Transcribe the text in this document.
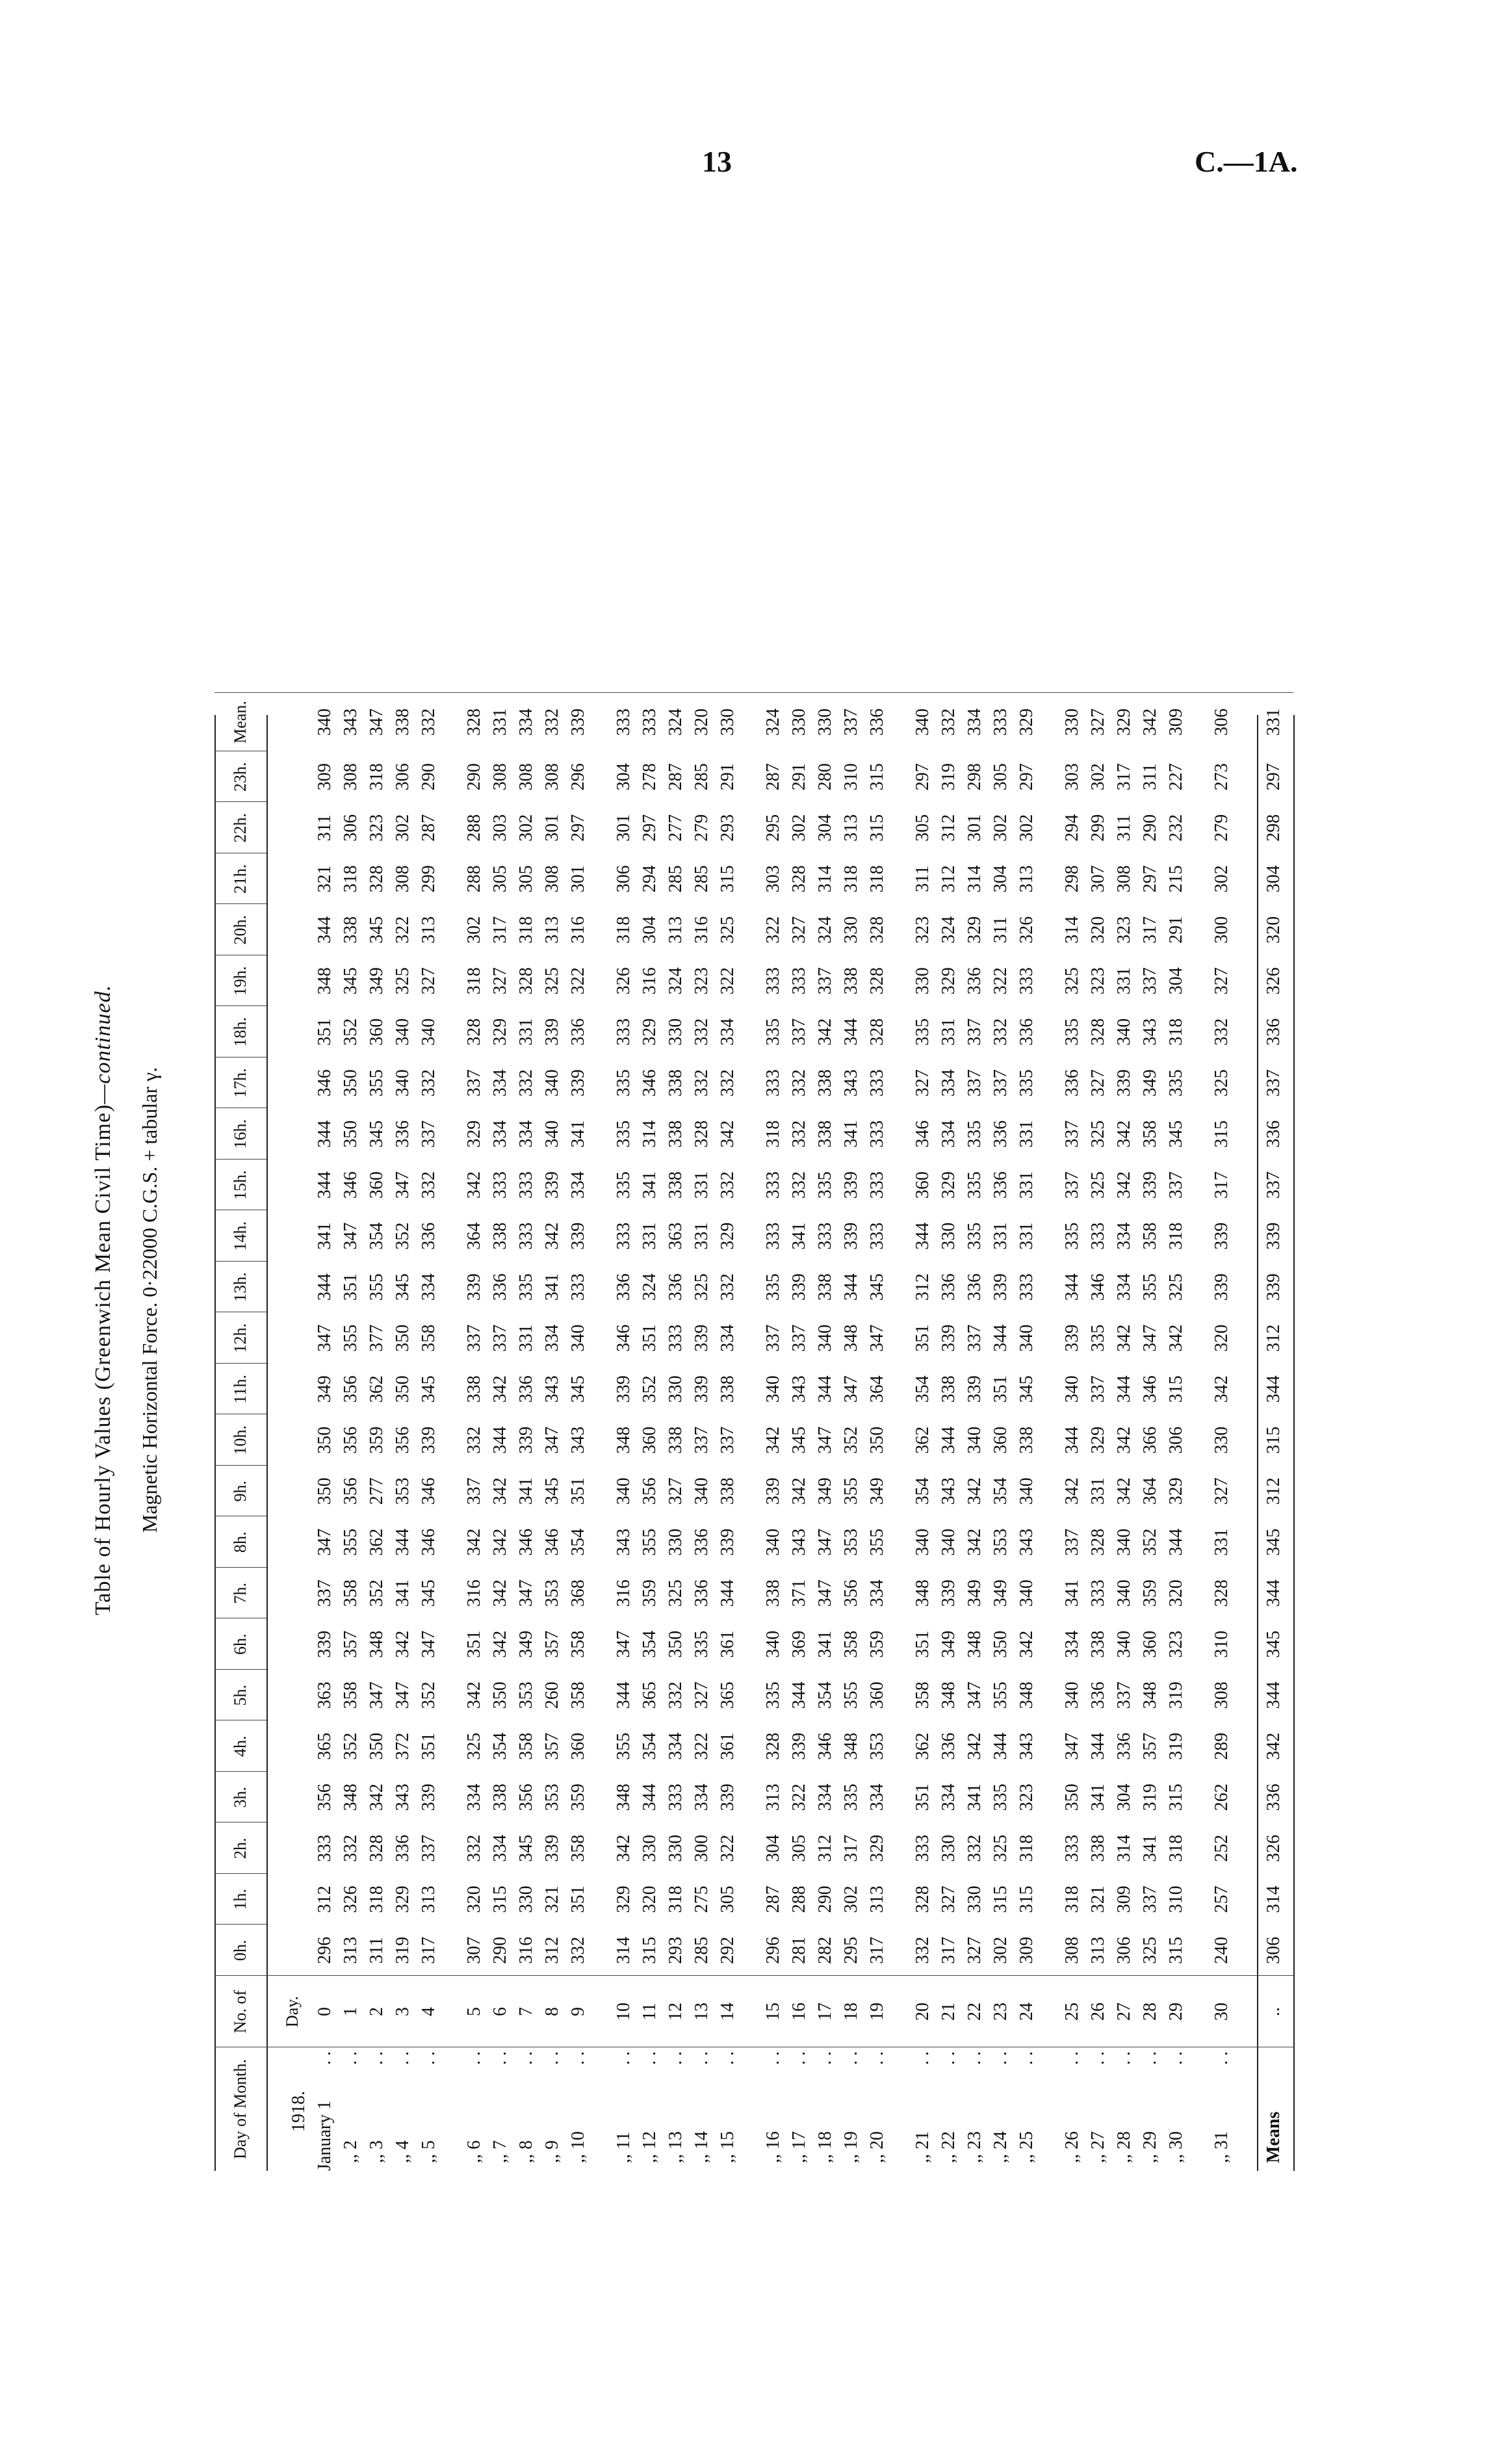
13	C.—1A.
Table of Hourly Values (Greenwich Mean Civil Time)—continued.
Magnetic Horizontal Force. 0·22000 C.G.S. + tabular γ.
Day of Month.
No. of Day.
0h.
1h.
2h.
3h.
4h.
5h.
6h.
7h.
8h.
9h.
10h.
11h.
12h.
13h.
14h.
15h.
16h.
17h.
18h.
19h.
20h.
21h.
22h.
23h.
Mean.
1918. January 1
. .
0
296
312
333
356
365
363
339
337
347
350
350
349
347
344
341
344
344
346
351
348
344
321
311
309
340
,, 2
. .
1
313
326
332
348
352
358
357
358
355
356
356
356
355
351
347
346
350
350
352
345
338
318
306
308
343
,, 3
. .
2
311
318
328
342
350
347
348
352
362
277
359
362
377
355
354
360
345
355
360
349
345
328
323
318
347
,, 4
. .
3
319
329
336
343
372
347
342
341
344
353
356
350
350
345
352
347
336
340
340
325
322
308
302
306
338
,, 5
. .
4
317
313
337
339
351
352
347
345
346
346
339
345
358
334
336
332
337
332
340
327
313
299
287
290
332
,, 6
. .
5
307
320
332
334
325
342
351
316
342
337
332
338
337
339
364
342
329
337
328
318
302
288
288
290
328
,, 7
. .
6
290
315
334
338
354
350
342
342
342
342
344
342
337
336
338
333
334
334
329
327
317
305
303
308
331
,, 8
. .
7
316
330
345
356
358
353
349
347
346
341
339
336
331
335
333
333
334
332
331
328
318
305
302
308
334
,, 9
. .
8
312
321
339
353
357
260
357
353
346
345
347
343
334
341
342
339
340
340
339
325
313
308
301
308
332
,, 10
. .
9
332
351
358
359
360
358
358
368
354
351
343
345
340
333
339
334
341
339
336
322
316
301
297
296
339
,, 11
. .
10
314
329
342
348
355
344
347
316
343
340
348
339
346
336
333
335
335
335
333
326
318
306
301
304
333
,, 12
. .
11
315
320
330
344
354
365
354
359
355
356
360
352
351
324
331
341
314
346
329
316
304
294
297
278
333
,, 13
. .
12
293
318
330
333
334
332
350
325
330
327
338
330
333
336
363
338
338
338
330
324
313
285
277
287
324
,, 14
. .
13
285
275
300
334
322
327
335
336
336
340
337
339
339
325
331
331
328
332
332
323
316
285
279
285
320
,, 15
. .
14
292
305
322
339
361
365
361
344
339
338
337
338
334
332
329
332
342
332
334
322
325
315
293
291
330
,, 16
. .
15
296
287
304
313
328
335
340
338
340
339
342
340
337
335
333
333
318
333
335
333
322
303
295
287
324
,, 17
. .
16
281
288
305
322
339
344
369
371
343
342
345
343
337
339
341
332
332
332
337
333
327
328
302
291
330
,, 18
. .
17
282
290
312
334
346
354
341
347
347
349
347
344
340
338
333
335
338
338
342
337
324
314
304
280
330
,, 19
. .
18
295
302
317
335
348
355
358
356
353
355
352
347
348
344
339
339
341
343
344
338
330
318
313
310
337
,, 20
. .
19
317
313
329
334
353
360
359
334
355
349
350
364
347
345
333
333
333
333
328
328
328
318
315
315
336
,, 21
. .
20
332
328
333
351
362
358
351
348
340
354
362
354
351
312
344
360
346
327
335
330
323
311
305
297
340
,, 22
. .
21
317
327
330
334
336
348
349
339
340
343
344
338
339
336
330
329
334
334
331
329
324
312
312
319
332
,, 23
. .
22
327
330
332
341
342
347
348
349
342
342
340
339
337
336
335
335
335
337
337
336
329
314
301
298
334
,, 24
. .
23
302
315
325
335
344
355
350
349
353
354
360
351
344
339
331
336
336
337
332
322
311
304
302
305
333
,, 25
. .
24
309
315
318
323
343
348
342
340
343
340
338
345
340
333
331
331
331
335
336
333
326
313
302
297
329
,, 26
. .
25
308
318
333
350
347
340
334
341
337
342
344
340
339
344
335
337
337
336
335
325
314
298
294
303
330
,, 27
. .
26
313
321
338
341
344
336
338
333
328
331
329
337
335
346
333
325
325
327
328
323
320
307
299
302
327
,, 28
. .
27
306
309
314
304
336
337
340
340
340
342
342
344
342
334
334
342
342
339
340
331
323
308
311
317
329
,, 29
. .
28
325
337
341
319
357
348
360
359
352
364
366
346
347
355
358
339
358
349
343
337
317
297
290
311
342
,, 30
. .
29
315
310
318
315
319
319
323
320
344
329
306
315
342
325
318
337
345
335
318
304
291
215
232
227
309
,, 31
. .
30
240
257
252
262
289
308
310
328
331
327
330
342
320
339
339
317
315
325
332
327
300
302
279
273
306
Means
..
306
314
326
336
342
344
345
344
345
312
315
344
312
339
339
337
336
337
336
326
320
304
298
297
331
